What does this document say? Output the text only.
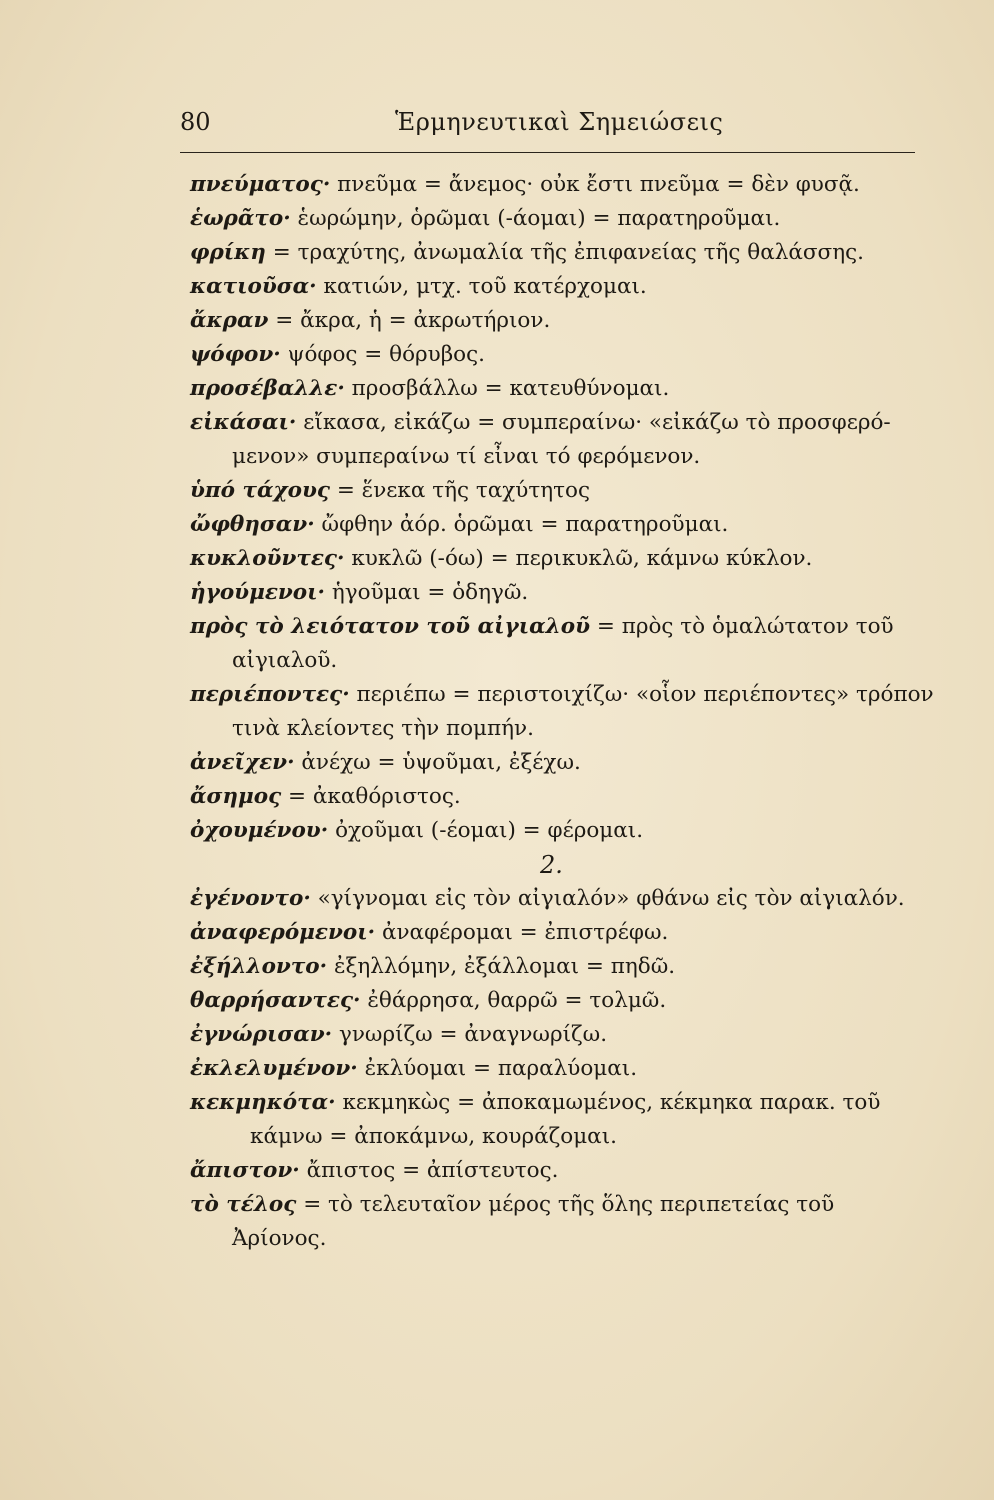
80	Ἑρμηνευτικαὶ Σημειώσεις
πνεύματος· πνεῦμα = ἄνεμος· οὐκ ἔστι πνεῦμα = δὲν φυσᾷ.
ἑωρᾶτο· ἑωρώμην, ὁρῶμαι (-άομαι) = παρατηροῦμαι.
φρίκη = τραχύτης, ἀνωμαλία τῆς ἐπιφανείας τῆς θαλάσσης.
κατιοῦσα· κατιών, μτχ. τοῦ κατέρχομαι.
ἄκραν = ἄκρα, ἡ = ἀκρωτήριον.
ψόφον· ψόφος = θόρυβος.
προσέβαλλε· προσβάλλω = κατευθύνομαι.
εἰκάσαι· εἴκασα, εἰκάζω = συμπεραίνω· «εἰκάζω τὸ προσφερό-
μενον» συμπεραίνω τί εἶναι τό φερόμενον.
ὑπό τάχους = ἕνεκα τῆς ταχύτητος
ὤφθησαν· ὤφθην ἀόρ. ὁρῶμαι = παρατηροῦμαι.
κυκλοῦντες· κυκλῶ (-όω) = περικυκλῶ, κάμνω κύκλον.
ἡγούμενοι· ἡγοῦμαι = ὁδηγῶ.
πρὸς τὸ λειότατον τοῦ αἰγιαλοῦ = πρὸς τὸ ὁμαλώτατον τοῦ
αἰγιαλοῦ.
περιέποντες· περιέπω = περιστοιχίζω· «οἷον περιέποντες» τρόπον
τινὰ κλείοντες τὴν πομπήν.
ἀνεῖχεν· ἀνέχω = ὑψοῦμαι, ἐξέχω.
ἄσημος = ἀκαθόριστος.
ὀχουμένου· ὀχοῦμαι (-έομαι) = φέρομαι.
2.
ἐγένοντο· «γίγνομαι εἰς τὸν αἰγιαλόν» φθάνω εἰς τὸν αἰγιαλόν.
ἀναφερόμενοι· ἀναφέρομαι = ἐπιστρέφω.
ἐξήλλοντο· ἐξηλλόμην, ἐξάλλομαι = πηδῶ.
θαρρήσαντες· ἐθάρρησα, θαρρῶ = τολμῶ.
ἐγνώρισαν· γνωρίζω = ἀναγνωρίζω.
ἐκλελυμένον· ἐκλύομαι = παραλύομαι.
κεκμηκότα· κεκμηκὼς = ἀποκαμωμένος, κέκμηκα παρακ. τοῦ
κάμνω = ἀποκάμνω, κουράζομαι.
ἄπιστον· ἄπιστος = ἀπίστευτος.
τὸ τέλος = τὸ τελευταῖον μέρος τῆς ὅλης περιπετείας τοῦ
Ἀρίονος.
